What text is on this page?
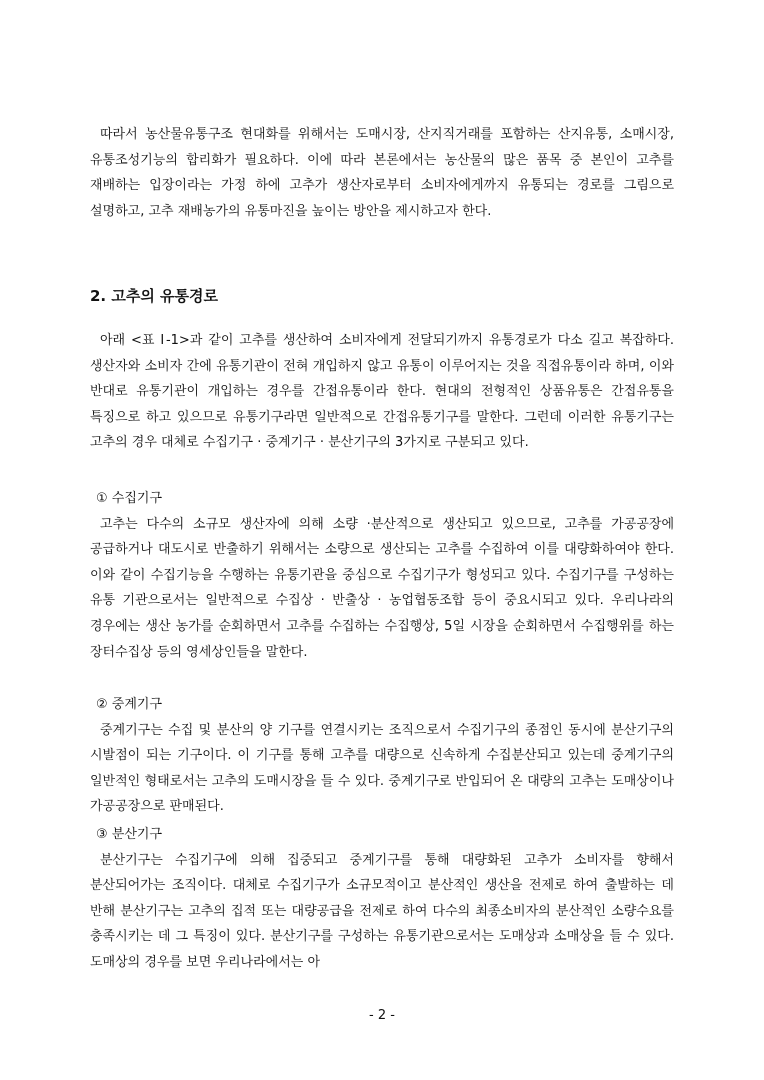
따라서 농산물유통구조 현대화를 위해서는 도매시장, 산지직거래를 포함하는 산지유통, 소매시장, 유통조성기능의 합리화가 필요하다. 이에 따라 본론에서는 농산물의 많은 품목 중 본인이 고추를 재배하는 입장이라는 가정 하에 고추가 생산자로부터 소비자에게까지 유통되는 경로를 그림으로 설명하고, 고추 재배농가의 유통마진을 높이는 방안을 제시하고자 한다.
2. 고추의 유통경로
아래 <표 Ⅰ-1>과 같이 고추를 생산하여 소비자에게 전달되기까지 유통경로가 다소 길고 복잡하다. 생산자와 소비자 간에 유통기관이 전혀 개입하지 않고 유통이 이루어지는 것을 직접유통이라 하며, 이와 반대로 유통기관이 개입하는 경우를 간접유통이라 한다. 현대의 전형적인 상품유통은 간접유통을 특징으로 하고 있으므로 유통기구라면 일반적으로 간접유통기구를 말한다. 그런데 이러한 유통기구는 고추의 경우 대체로 수집기구 · 중계기구 · 분산기구의 3가지로 구분되고 있다.
① 수집기구
고추는 다수의 소규모 생산자에 의해 소량 ·분산적으로 생산되고 있으므로, 고추를 가공공장에 공급하거나 대도시로 반출하기 위해서는 소량으로 생산되는 고추를 수집하여 이를 대량화하여야 한다. 이와 같이 수집기능을 수행하는 유통기관을 중심으로 수집기구가 형성되고 있다. 수집기구를 구성하는 유통 기관으로서는 일반적으로 수집상 · 반출상 · 농업협동조합 등이 중요시되고 있다. 우리나라의 경우에는 생산 농가를 순회하면서 고추를 수집하는 수집행상, 5일 시장을 순회하면서 수집행위를 하는 장터수집상 등의 영세상인들을 말한다.
② 중계기구
중계기구는 수집 및 분산의 양 기구를 연결시키는 조직으로서 수집기구의 종점인 동시에 분산기구의 시발점이 되는 기구이다. 이 기구를 통해 고추를 대량으로 신속하게 수집분산되고 있는데 중계기구의 일반적인 형태로서는 고추의 도매시장을 들 수 있다. 중계기구로 반입되어 온 대량의 고추는 도매상이나 가공공장으로 판매된다.
③ 분산기구
분산기구는 수집기구에 의해 집중되고 중계기구를 통해 대량화된 고추가 소비자를 향해서 분산되어가는 조직이다. 대체로 수집기구가 소규모적이고 분산적인 생산을 전제로 하여 출발하는 데 반해 분산기구는 고추의 집적 또는 대량공급을 전제로 하여 다수의 최종소비자의 분산적인 소량수요를 충족시키는 데 그 특징이 있다. 분산기구를 구성하는 유통기관으로서는 도매상과 소매상을 들 수 있다. 도매상의 경우를 보면 우리나라에서는 아
- 2 -
